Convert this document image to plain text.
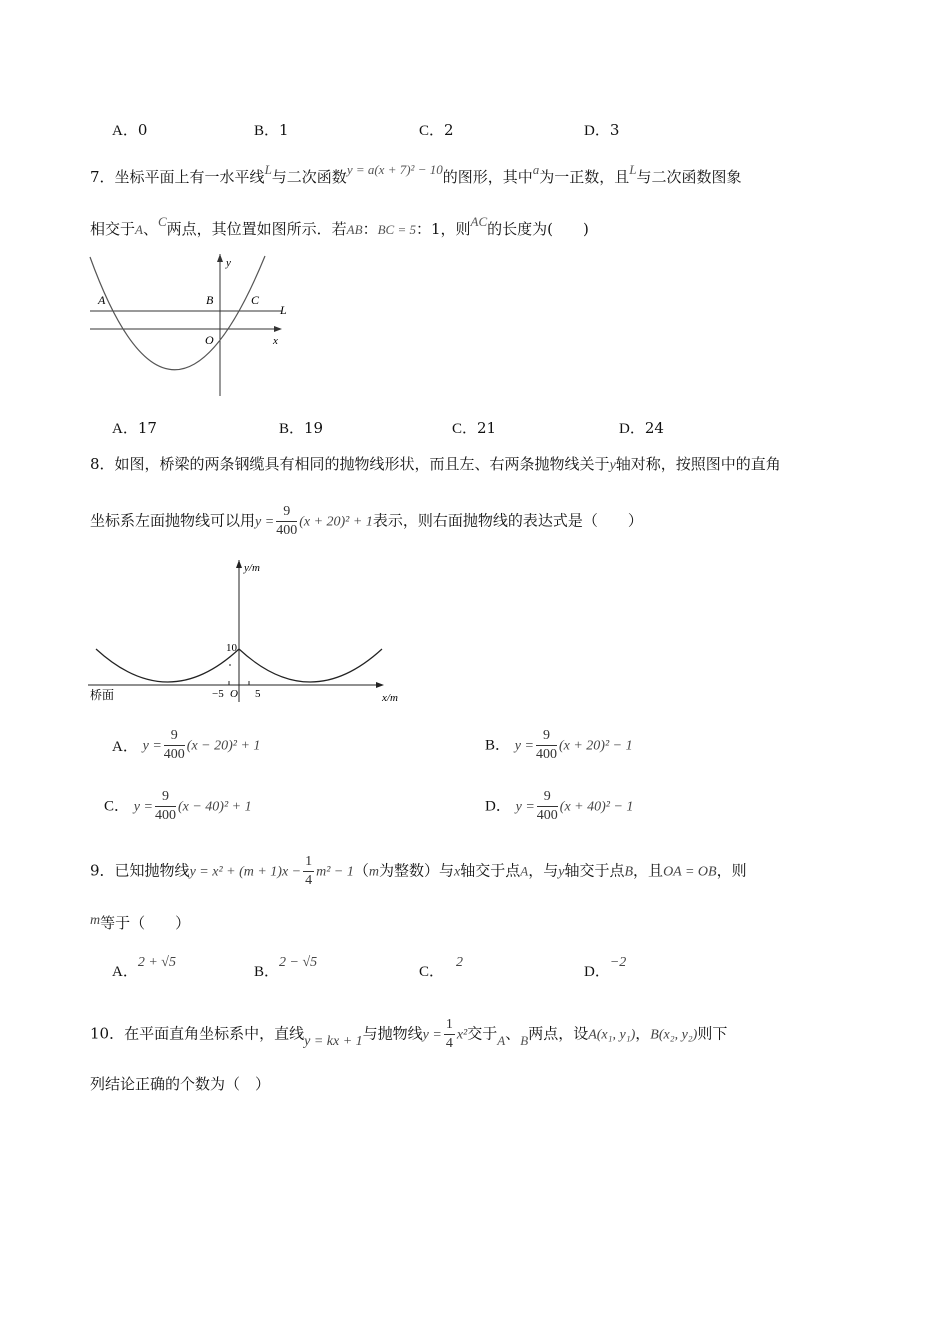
A．0	B．1	C．2	D．3
7．坐标平面上有一水平线L与二次函数y = a(x + 7)² − 10的图形，其中a为一正数，且L与二次函数图象
相交于A、C两点，其位置如图所示．若AB：BC = 5：1，则AC的长度为(　　)
A	B	C
L
O	x
y
A．17	B．19	C．21	D．24
8．如图，桥梁的两条钢缆具有相同的抛物线形状，而且左、右两条抛物线关于y轴对称，按照图中的直角
坐标系左面抛物线可以用$y = \frac{9}{400} (x + 20)^2 + 1$表示，则右面抛物线的表达式是（　　）
y/m
x/m
桥面
10
−5 O 5
A． $y = \frac{9}{400} (x - 20)^2 + 1$	B． $y = \frac{9}{400} (x + 20)^2 - 1$
C． $y = \frac{9}{400} (x - 40)^2 + 1$	D． $y = \frac{9}{400} (x + 40)^2 - 1$
9．已知抛物线$y = x^2 + (m + 1)x - \frac{1}{4} m^2 - 1(m$为整数）与x轴交于点A，与y轴交于点B，且OA = OB，则
m等于（　　）
A．2 + √5
B．2 − √5
C．2
D．−2
10．在平面直角坐标系中，直线y = kx + 1与抛物线$y = \frac{1}{4} x^2$交于A、B两点，设A(x₁, y₁)，B(x₂, y₂)则下
列结论正确的个数为（　）
